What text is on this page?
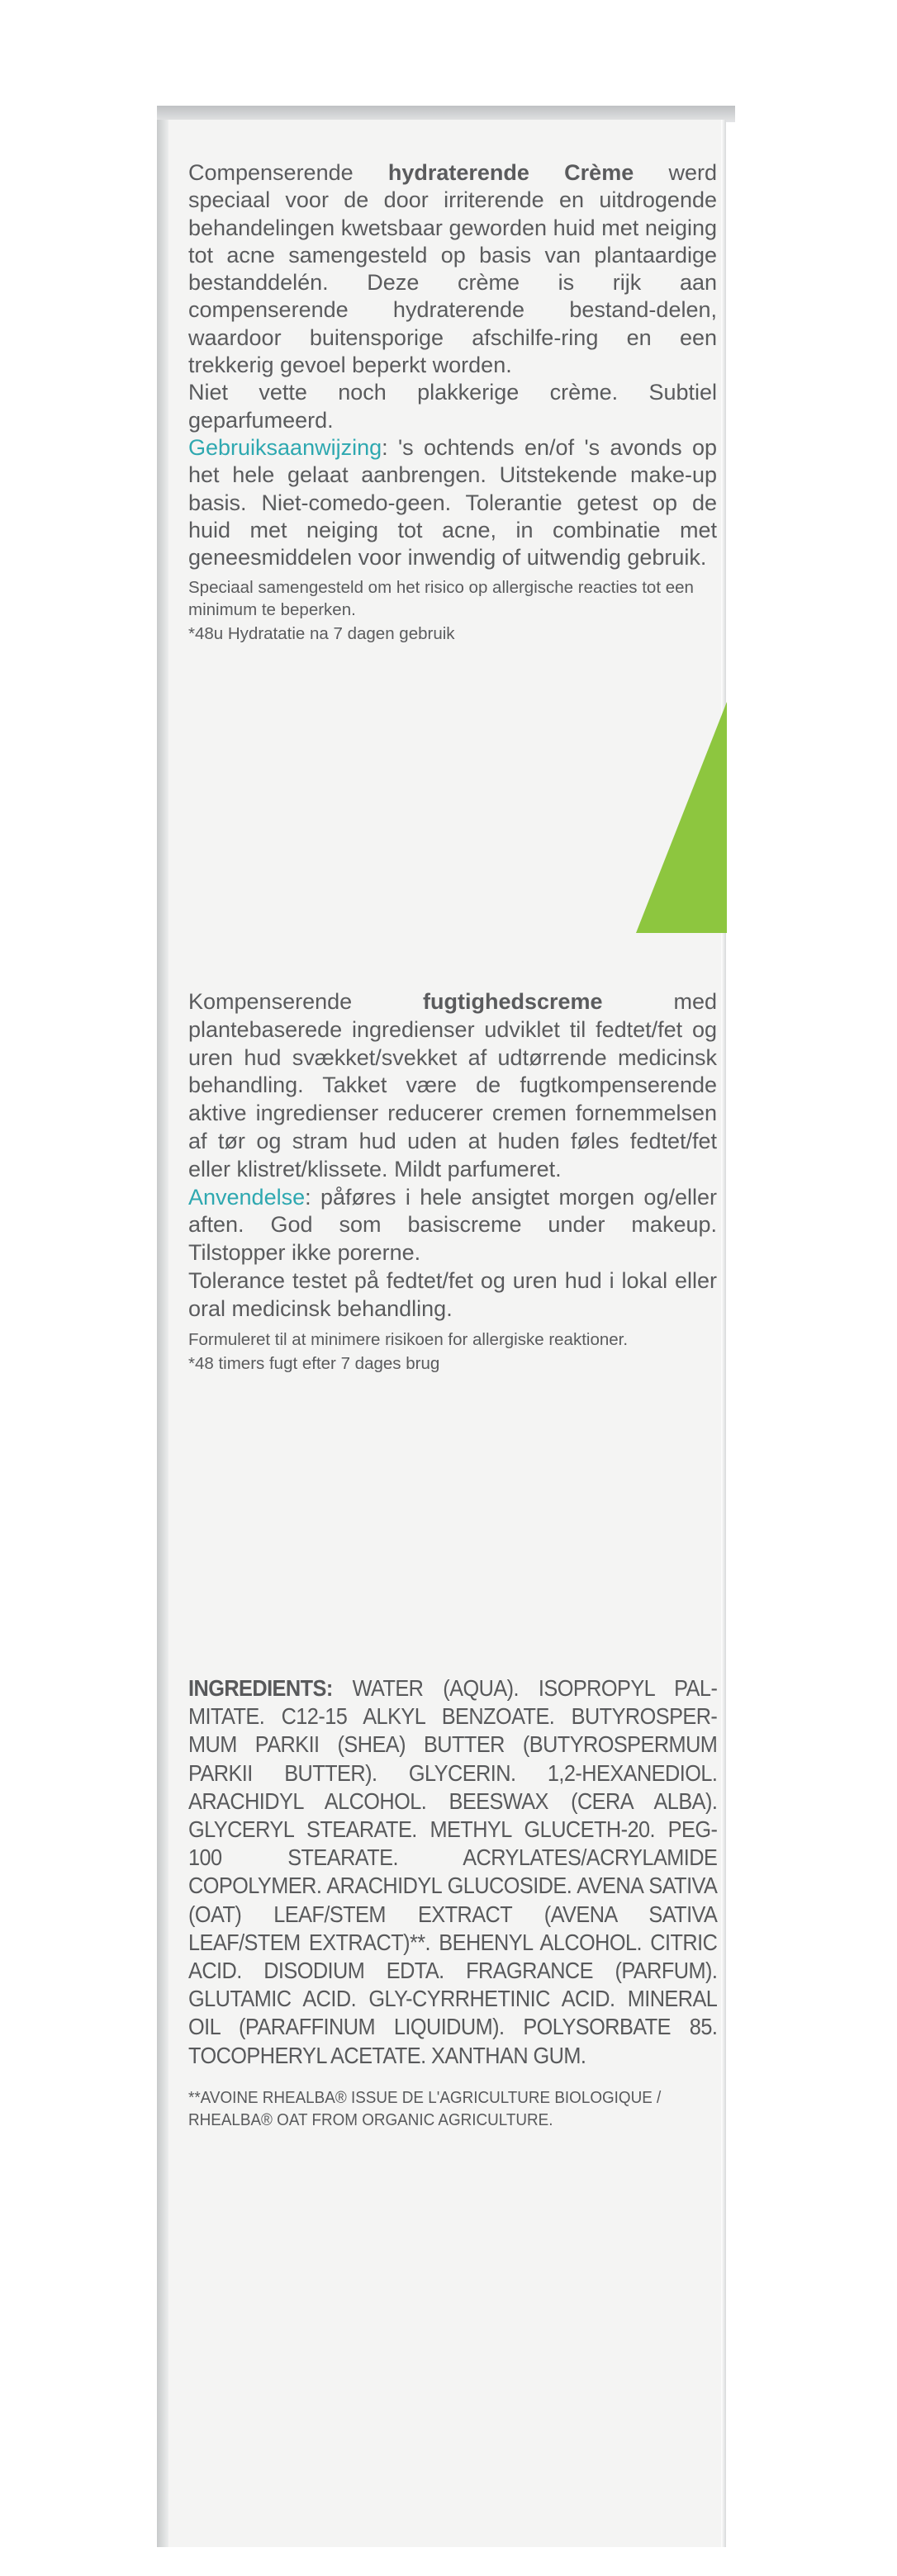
Compenserende hydraterende Crème werd speciaal voor de door irriterende en uitdrogende behandelingen kwetsbaar geworden huid met neiging tot acne samengesteld op basis van plantaardige bestanddelén. Deze crème is rijk aan compenserende hydraterende bestand-delen, waardoor buitensporige afschilfe-ring en een trekkerig gevoel beperkt worden.

Niet vette noch plakkerige crème. Subtiel geparfumeerd.

Gebruiksaanwijzing: 's ochtends en/of 's avonds op het hele gelaat aanbrengen. Uitstekende make-up basis. Niet-comedo-geen. Tolerantie getest op de huid met neiging tot acne, in combinatie met geneesmiddelen voor inwendig of uitwendig gebruik.

Speciaal samengesteld om het risico op allergische reacties tot een minimum te beperken.

*48u Hydratatie na 7 dagen gebruik

Kompenserende fugtighedscreme med plantebaserede ingredienser udviklet til fedtet/fet og uren hud svækket/svekket af udtørrende medicinsk behandling. Takket være de fugtkompenserende aktive ingredienser reducerer cremen fornemmelsen af tør og stram hud uden at huden føles fedtet/fet eller klistret/klissete. Mildt parfumeret.

Anvendelse: påføres i hele ansigtet morgen og/eller aften. God som basiscreme under makeup. Tilstopper ikke porerne.

Tolerance testet på fedtet/fet og uren hud i lokal eller oral medicinsk behandling.

Formuleret til at minimere risikoen for allergiske reaktioner.

*48 timers fugt efter 7 dages brug

INGREDIENTS: WATER (AQUA). ISOPROPYL PAL-MITATE. C12-15 ALKYL BENZOATE. BUTYROSPER-MUM PARKII (SHEA) BUTTER (BUTYROSPERMUM PARKII BUTTER). GLYCERIN. 1,2-HEXANEDIOL. ARACHIDYL ALCOHOL. BEESWAX (CERA ALBA). GLYCERYL STEARATE. METHYL GLUCETH-20. PEG-100 STEARATE. ACRYLATES/ACRYLAMIDE COPOLYMER. ARACHIDYL GLUCOSIDE. AVENA SATIVA (OAT) LEAF/STEM EXTRACT (AVENA SATIVA LEAF/STEM EXTRACT)**. BEHENYL ALCOHOL. CITRIC ACID. DISODIUM EDTA. FRAGRANCE (PARFUM). GLUTAMIC ACID. GLY-CYRRHETINIC ACID. MINERAL OIL (PARAFFINUM LIQUIDUM). POLYSORBATE 85. TOCOPHERYL ACETATE. XANTHAN GUM.

**AVOINE RHEALBA® ISSUE DE L'AGRICULTURE BIOLOGIQUE / RHEALBA® OAT FROM ORGANIC AGRICULTURE.
